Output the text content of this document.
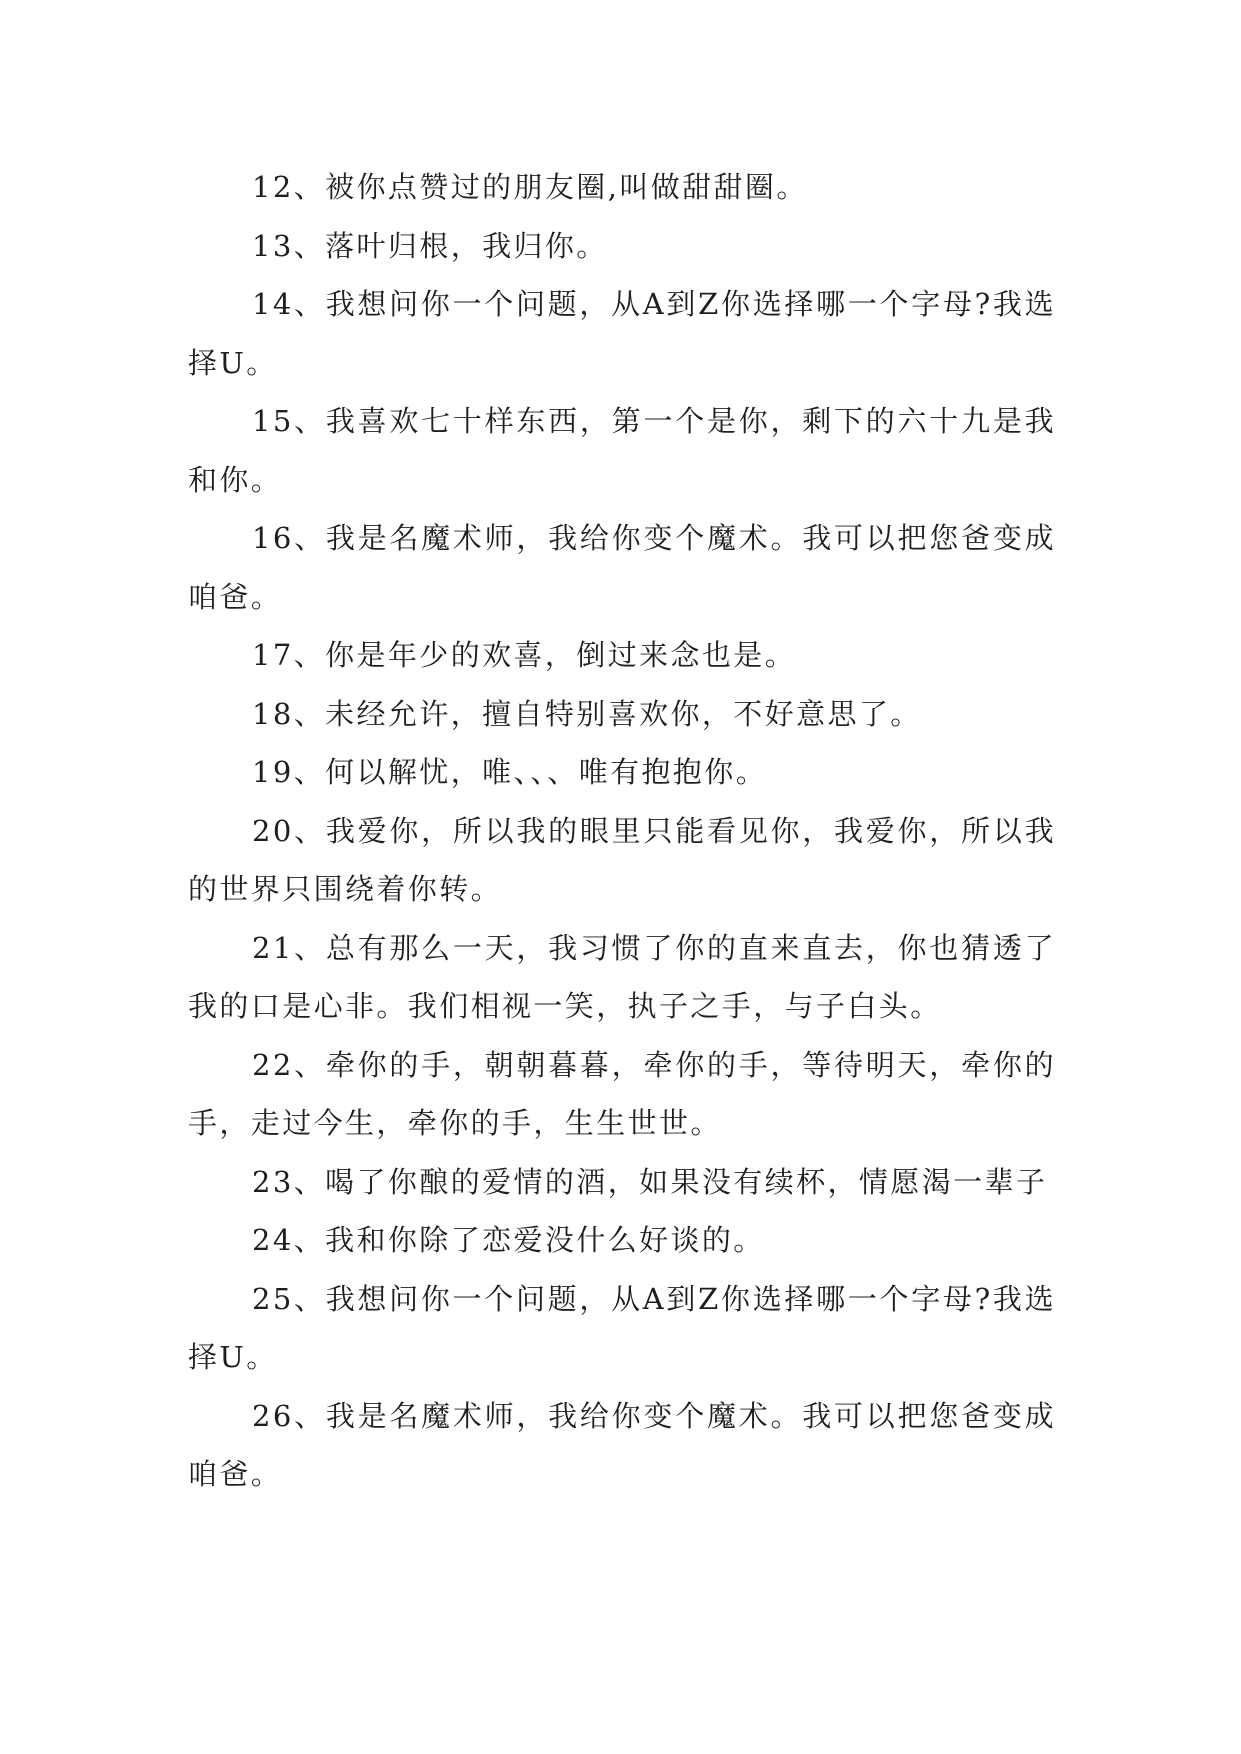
12、被你点赞过的朋友圈,叫做甜甜圈。

13、落叶归根，我归你。

14、我想问你一个问题，从A到Z你选择哪一个字母?我选择U。

15、我喜欢七十样东西，第一个是你，剩下的六十九是我和你。

16、我是名魔术师，我给你变个魔术。我可以把您爸变成咱爸。

17、你是年少的欢喜，倒过来念也是。

18、未经允许，擅自特别喜欢你，不好意思了。

19、何以解忧，唯、、、唯有抱抱你。

20、我爱你，所以我的眼里只能看见你，我爱你，所以我的世界只围绕着你转。

21、总有那么一天，我习惯了你的直来直去，你也猜透了我的口是心非。我们相视一笑，执子之手，与子白头。

22、牵你的手，朝朝暮暮，牵你的手，等待明天，牵你的手，走过今生，牵你的手，生生世世。

23、喝了你酿的爱情的酒，如果没有续杯，情愿渴一辈子

24、我和你除了恋爱没什么好谈的。

25、我想问你一个问题，从A到Z你选择哪一个字母?我选择U。

26、我是名魔术师，我给你变个魔术。我可以把您爸变成咱爸。
